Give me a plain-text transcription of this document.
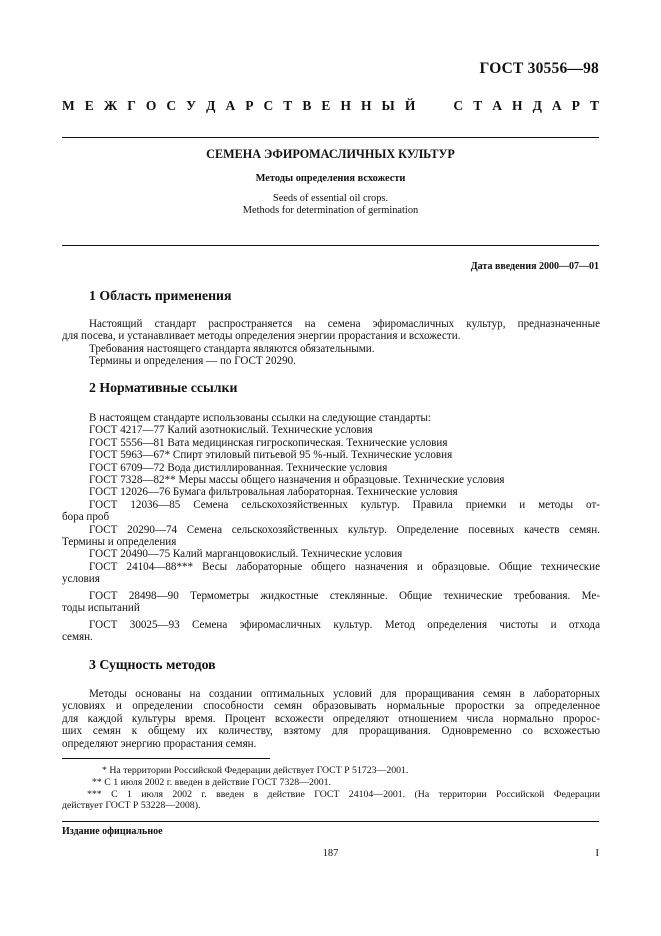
ГОСТ 30556—98
М Е Ж Г О С У Д А Р С Т В Е Н Н Ы Й	С Т А Н Д А Р Т
СЕМЕНА ЭФИРОМАСЛИЧНЫХ КУЛЬТУР
Методы определения всхожести
Seeds of essential oil crops.
Methods for determination of germination
Дата введения 2000—07—01
1 Область применения

Настоящий стандарт распространяется на семена эфиромасличных культур, предназначенные

для посева, и устанавливает методы определения энергии прорастания и всхожести.

Требования настоящего стандарта являются обязательными.

Термины и определения — по ГОСТ 20290.

2 Нормативные ссылки

В настоящем стандарте использованы ссылки на следующие стандарты:

ГОСТ 4217—77 Калий азотнокислый. Технические условия

ГОСТ 5556—81 Вата медицинская гигроскопическая. Технические условия

ГОСТ 5963—67* Спирт этиловый питьевой 95 %-ный. Технические условия

ГОСТ 6709—72 Вода дистиллированная. Технические условия

ГОСТ 7328—82** Меры массы общего назначения и образцовые. Технические условия

ГОСТ 12026—76 Бумага фильтровальная лабораторная. Технические условия

ГОСТ 12036—85 Семена сельскохозяйственных культур. Правила приемки и методы от-

бора проб

ГОСТ 20290—74 Семена сельскохозяйственных культур. Определение посевных качеств семян.

Термины и определения

ГОСТ 20490—75 Калий марганцовокислый. Технические условия

ГОСТ 24104—88*** Весы лабораторные общего назначения и образцовые. Общие технические

условия

ГОСТ 28498—90 Термометры жидкостные стеклянные. Общие технические требования. Ме-

тоды испытаний

ГОСТ 30025—93 Семена эфиромасличных культур. Метод определения чистоты и отхода

семян.

3 Сущность методов

Методы основаны на создании оптимальных условий для проращивания семян в лабораторных

условиях и определении способности семян образовывать нормальные проростки за определенное

для каждой культуры время. Процент всхожести определяют отношением числа нормально пророс-

ших семян к общему их количеству, взятому для проращивания. Одновременно со всхожестью

определяют энергию прорастания семян.

* На территории Российской Федерации действует ГОСТ Р 51723—2001.

** С 1 июля 2002 г. введен в действие ГОСТ 7328—2001.

*** С 1 июля 2002 г. введен в действие ГОСТ 24104—2001. (На территории Российской Федерации

действует ГОСТ Р 53228—2008).

Издание официальное
187	I
